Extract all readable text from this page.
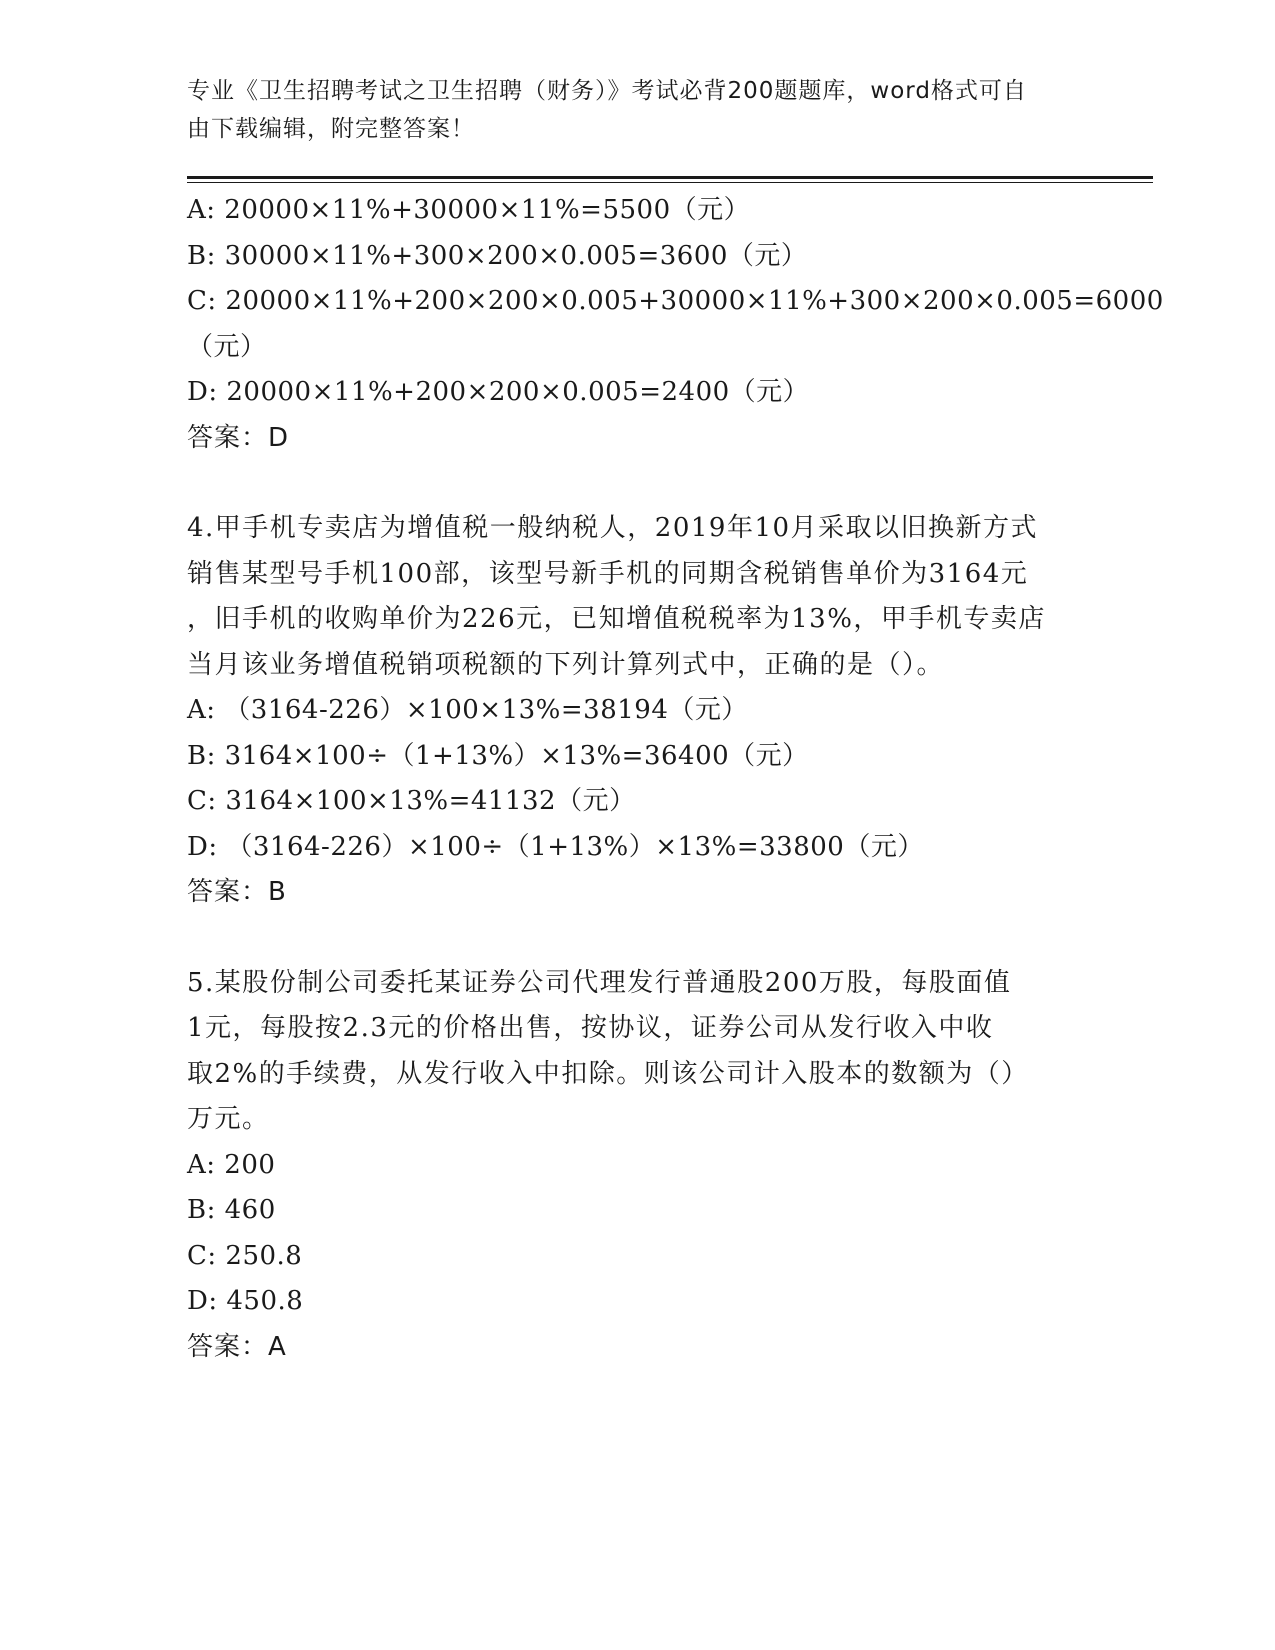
专业《卫生招聘考试之卫生招聘（财务）》考试必背200题题库，word格式可自
由下载编辑，附完整答案！
A: 20000×11%+30000×11%=5500（元）
B: 30000×11%+300×200×0.005=3600（元）
C: 20000×11%+200×200×0.005+30000×11%+300×200×0.005=6000
（元）
D: 20000×11%+200×200×0.005=2400（元）
答案：D
4.甲手机专卖店为增值税一般纳税人，2019年10月采取以旧换新方式
销售某型号手机100部，该型号新手机的同期含税销售单价为3164元
，旧手机的收购单价为226元，已知增值税税率为13%，甲手机专卖店
当月该业务增值税销项税额的下列计算列式中，正确的是（）。
A: （3164-226）×100×13%=38194（元）
B: 3164×100÷（1+13%）×13%=36400（元）
C: 3164×100×13%=41132（元）
D: （3164-226）×100÷（1+13%）×13%=33800（元）
答案：B
5.某股份制公司委托某证券公司代理发行普通股200万股，每股面值
1元，每股按2.3元的价格出售，按协议，证券公司从发行收入中收
取2%的手续费，从发行收入中扣除。则该公司计入股本的数额为（）
万元。
A: 200
B: 460
C: 250.8
D: 450.8
答案：A
